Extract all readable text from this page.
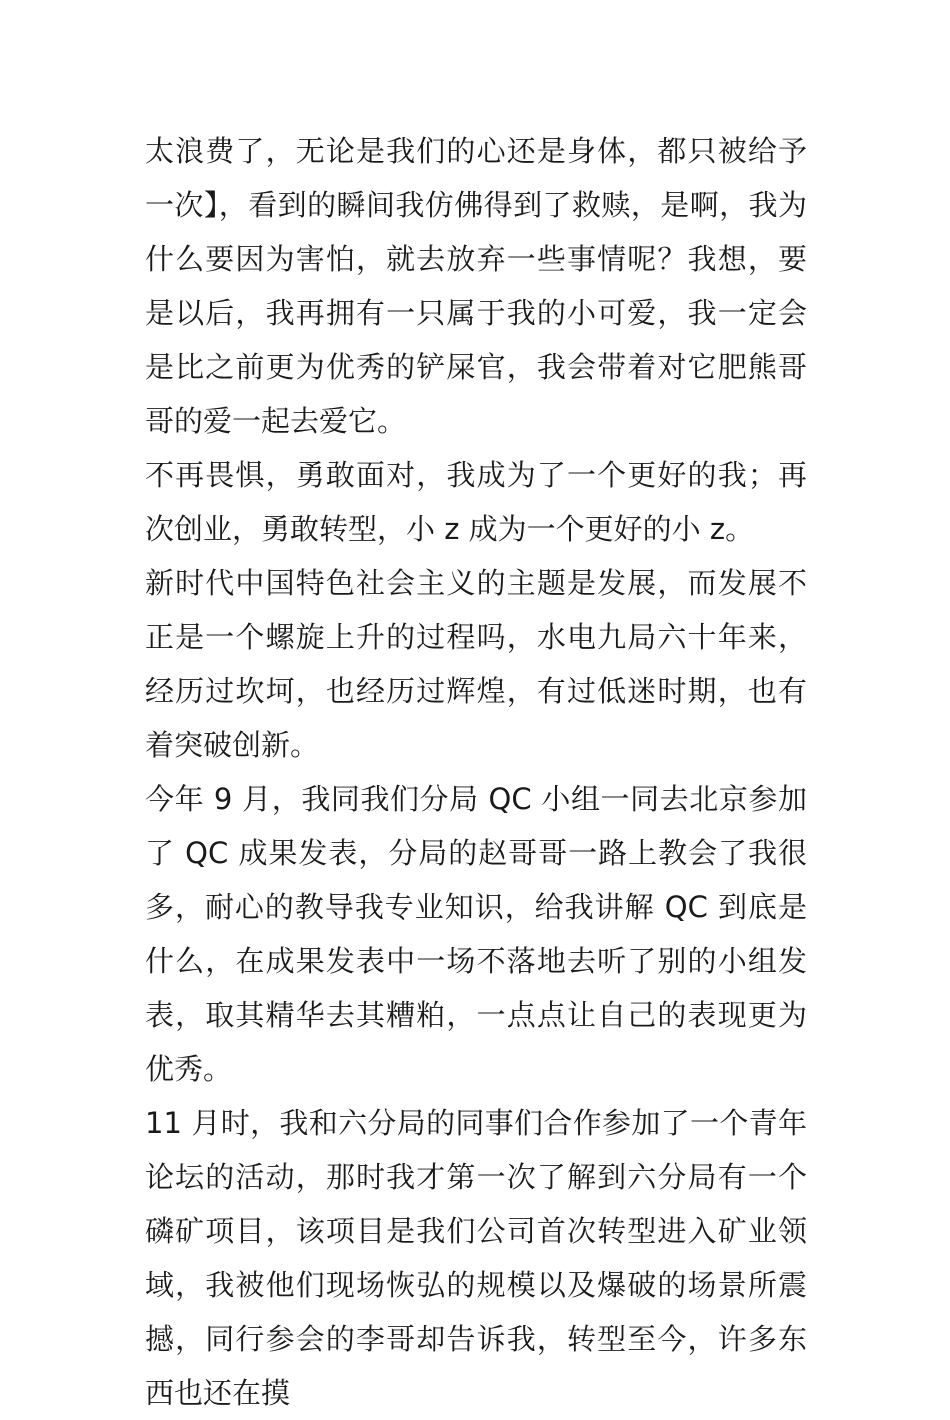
太浪费了，无论是我们的心还是身体，都只被给予一次】，看到的瞬间我仿佛得到了救赎，是啊，我为什么要因为害怕，就去放弃一些事情呢？我想，要是以后，我再拥有一只属于我的小可爱，我一定会是比之前更为优秀的铲屎官，我会带着对它肥熊哥哥的爱一起去爱它。

不再畏惧，勇敢面对，我成为了一个更好的我；再次创业，勇敢转型，小 z 成为一个更好的小 z。

新时代中国特色社会主义的主题是发展，而发展不正是一个螺旋上升的过程吗，水电九局六十年来，经历过坎坷，也经历过辉煌，有过低迷时期，也有着突破创新。

今年 9 月，我同我们分局 QC 小组一同去北京参加了 QC 成果发表，分局的赵哥哥一路上教会了我很多，耐心的教导我专业知识，给我讲解 QC 到底是什么，在成果发表中一场不落地去听了别的小组发表，取其精华去其糟粕，一点点让自己的表现更为优秀。

11 月时，我和六分局的同事们合作参加了一个青年论坛的活动，那时我才第一次了解到六分局有一个磷矿项目，该项目是我们公司首次转型进入矿业领域，我被他们现场恢弘的规模以及爆破的场景所震撼，同行参会的李哥却告诉我，转型至今，许多东西也还在摸
